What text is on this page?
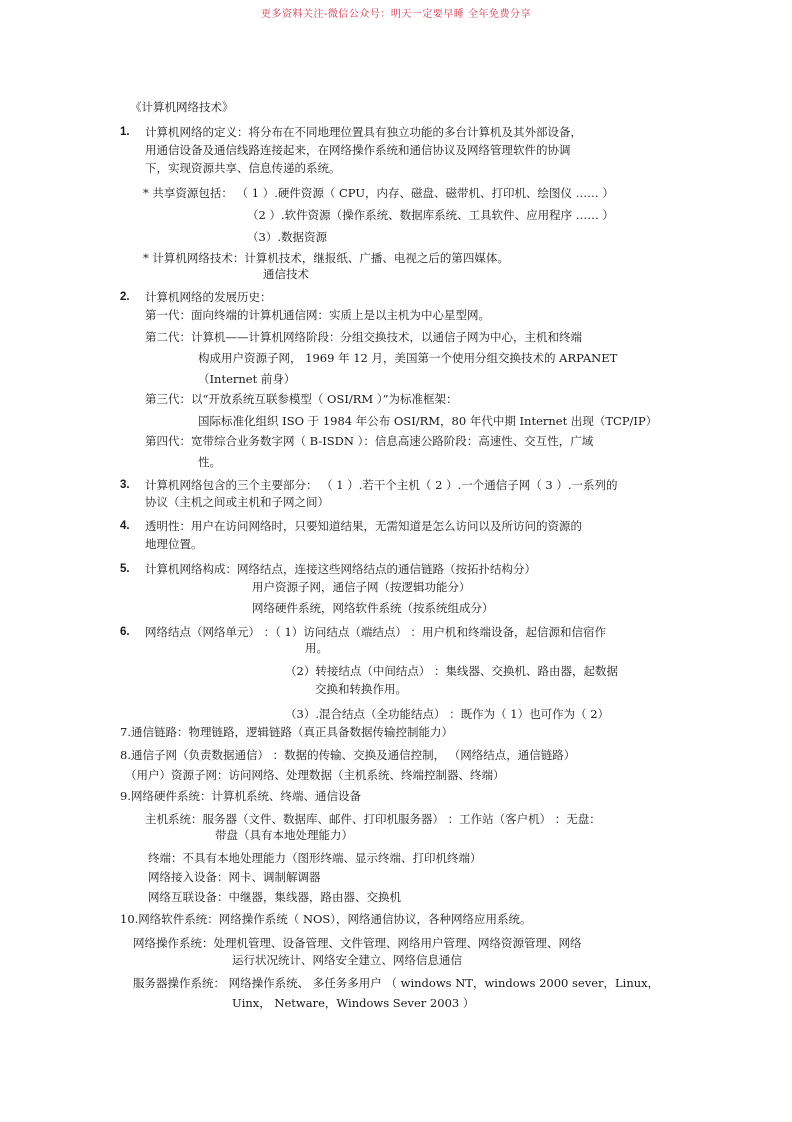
更多资料关注-微信公众号：明天一定要早睡 全年免费分享
《计算机网络技术》
1. 计算机网络的定义：将分布在不同地理位置具有独立功能的多台计算机及其外部设备，
用通信设备及通信线路连接起来，在网络操作系统和通信协议及网络管理软件的协调
下，实现资源共享、信息传递的系统。
* 共享资源包括： （ 1 ）.硬件资源（ CPU，内存、磁盘、磁带机、打印机、绘图仪 …… ）
（2 ）.软件资源（操作系统、数据库系统、工具软件、应用程序 …… ）
（3）.数据资源
* 计算机网络技术：计算机技术，继报纸、广播、电视之后的第四媒体。
通信技术
2. 计算机网络的发展历史：
第一代：面向终端的计算机通信网：实质上是以主机为中心星型网。
第二代：计算机——计算机网络阶段：分组交换技术，以通信子网为中心，主机和终端
构成用户资源子网， 1969 年 12 月，美国第一个使用分组交换技术的 ARPANET
（Internet 前身）
第三代：以“开放系统互联参模型（ OSI/RM ）”为标准框架：
国际标准化组织 ISO 于 1984 年公布 OSI/RM，80 年代中期 Internet 出现（TCP/IP）
第四代：宽带综合业务数字网（ B-ISDN ）：信息高速公路阶段：高速性、交互性，广域
性。
3. 计算机网络包含的三个主要部分： （ 1 ）.若干个主机（ 2 ）.一个通信子网（ 3 ）.一系列的
协议（主机之间或主机和子网之间）
4. 透明性：用户在访问网络时，只要知道结果，无需知道是怎么访问以及所访问的资源的
地理位置。
5. 计算机网络构成：网络结点，连接这些网络结点的通信链路（按拓扑结构分）
用户资源子网，通信子网（按逻辑功能分）
网络硬件系统，网络软件系统（按系统组成分）
6. 网络结点（网络单元） ：（ 1）访问结点（端结点） ：用户机和终端设备，起信源和信宿作
用。
（2）转接结点（中间结点） ：集线器、交换机、路由器，起数据
交换和转换作用。
（3）.混合结点（全功能结点） ：既作为（ 1）也可作为（ 2）
7.通信链路：物理链路，逻辑链路（真正具备数据传输控制能力）
8.通信子网（负责数据通信） ：数据的传输、交换及通信控制， （网络结点，通信链路）
（用户）资源子网：访问网络、处理数据（主机系统、终端控制器、终端）
9.网络硬件系统：计算机系统、终端、通信设备
主机系统：服务器（文件、数据库、邮件、打印机服务器） ：工作站（客户机） ：无盘：
带盘（具有本地处理能力）
终端：不具有本地处理能力（图形终端、显示终端、打印机终端）
网络接入设备：网卡、调制解调器
网络互联设备：中继器，集线器，路由器、交换机
10.网络软件系统：网络操作系统（ NOS），网络通信协议，各种网络应用系统。
网络操作系统：处理机管理、设备管理、文件管理、网络用户管理、网络资源管理、网络
运行状况统计、网络安全建立、网络信息通信
服务器操作系统： 网络操作系统、 多任务多用户 （ windows NT，windows 2000 sever，Linux，
Uinx， Netware，Windows Sever 2003 ）
